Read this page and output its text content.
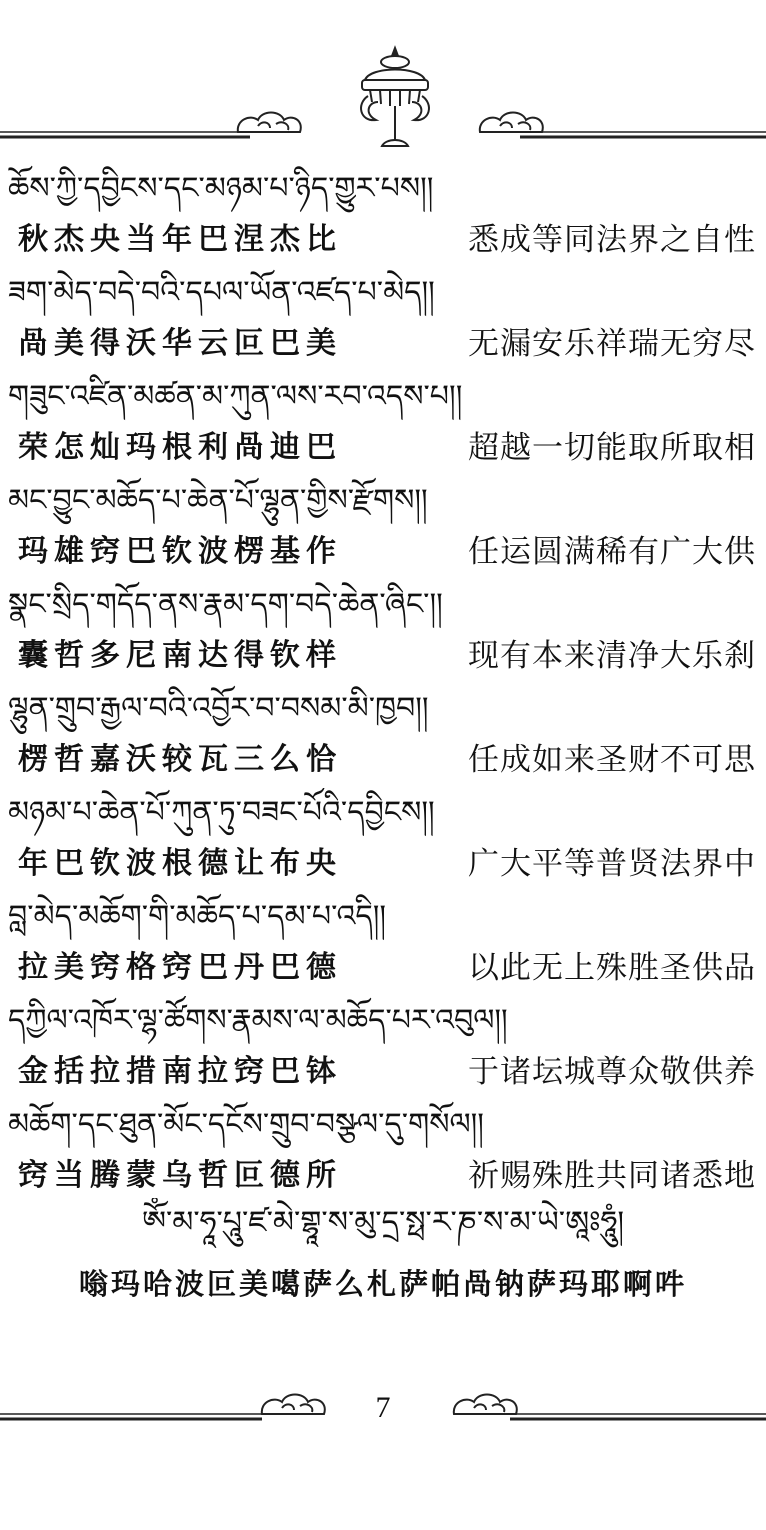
ཆོས་ཀྱི་དབྱིངས་དང་མཉམ་པ་ཉིད་གྱུར་པས།།
秋杰央当年巴涅杰比	悉成等同法界之自性
ཟག་མེད་བདེ་བའི་དཔལ་ཡོན་འཛད་པ་མེད།།
咼美得沃华云叵巴美	无漏安乐祥瑞无穷尽
གཟུང་འཛིན་མཚན་མ་ཀུན་ལས་རབ་འདས་པ།།
荣怎灿玛根利咼迪巴	超越一切能取所取相
མང་བྱུང་མཆོད་པ་ཆེན་པོ་ལྷུན་གྱིས་རྫོགས།།
玛雄窍巴钦波楞基作	任运圆满稀有广大供
སྣང་སྲིད་གདོད་ནས་རྣམ་དག་བདེ་ཆེན་ཞིང་།།
囊哲多尼南达得钦样	现有本来清净大乐刹
ལྷུན་གྲུབ་རྒྱལ་བའི་འབྱོར་བ་བསམ་མི་ཁྱབ།།
楞哲嘉沃较瓦三么恰	任成如来圣财不可思
མཉམ་པ་ཆེན་པོ་ཀུན་ཏུ་བཟང་པོའི་དབྱིངས།།
年巴钦波根德让布央	广大平等普贤法界中
བླ་མེད་མཆོག་གི་མཆོད་པ་དམ་པ་འདི།།
拉美窍格窍巴丹巴德	以此无上殊胜圣供品
དཀྱིལ་འཁོར་ལྷ་ཚོགས་རྣམས་ལ་མཆོད་པར་འབུལ།།
金括拉措南拉窍巴钵	于诸坛城尊众敬供养
མཆོག་དང་ཐུན་མོང་དངོས་གྲུབ་བསྩལ་དུ་གསོལ།།
窍当腾蒙乌哲叵德所	祈赐殊胜共同诸悉地
ཨོཾ་མ་ཧཱ་པཱུ་ཛ་མེ་གྷཱ་ས་མུ་དྲ་སྥ་ར་ཎ་ས་མ་ཡེ་ཨཱཿཧཱུཾ།
嗡玛哈波叵美噶萨么札萨帕咼钠萨玛耶啊吽
7
